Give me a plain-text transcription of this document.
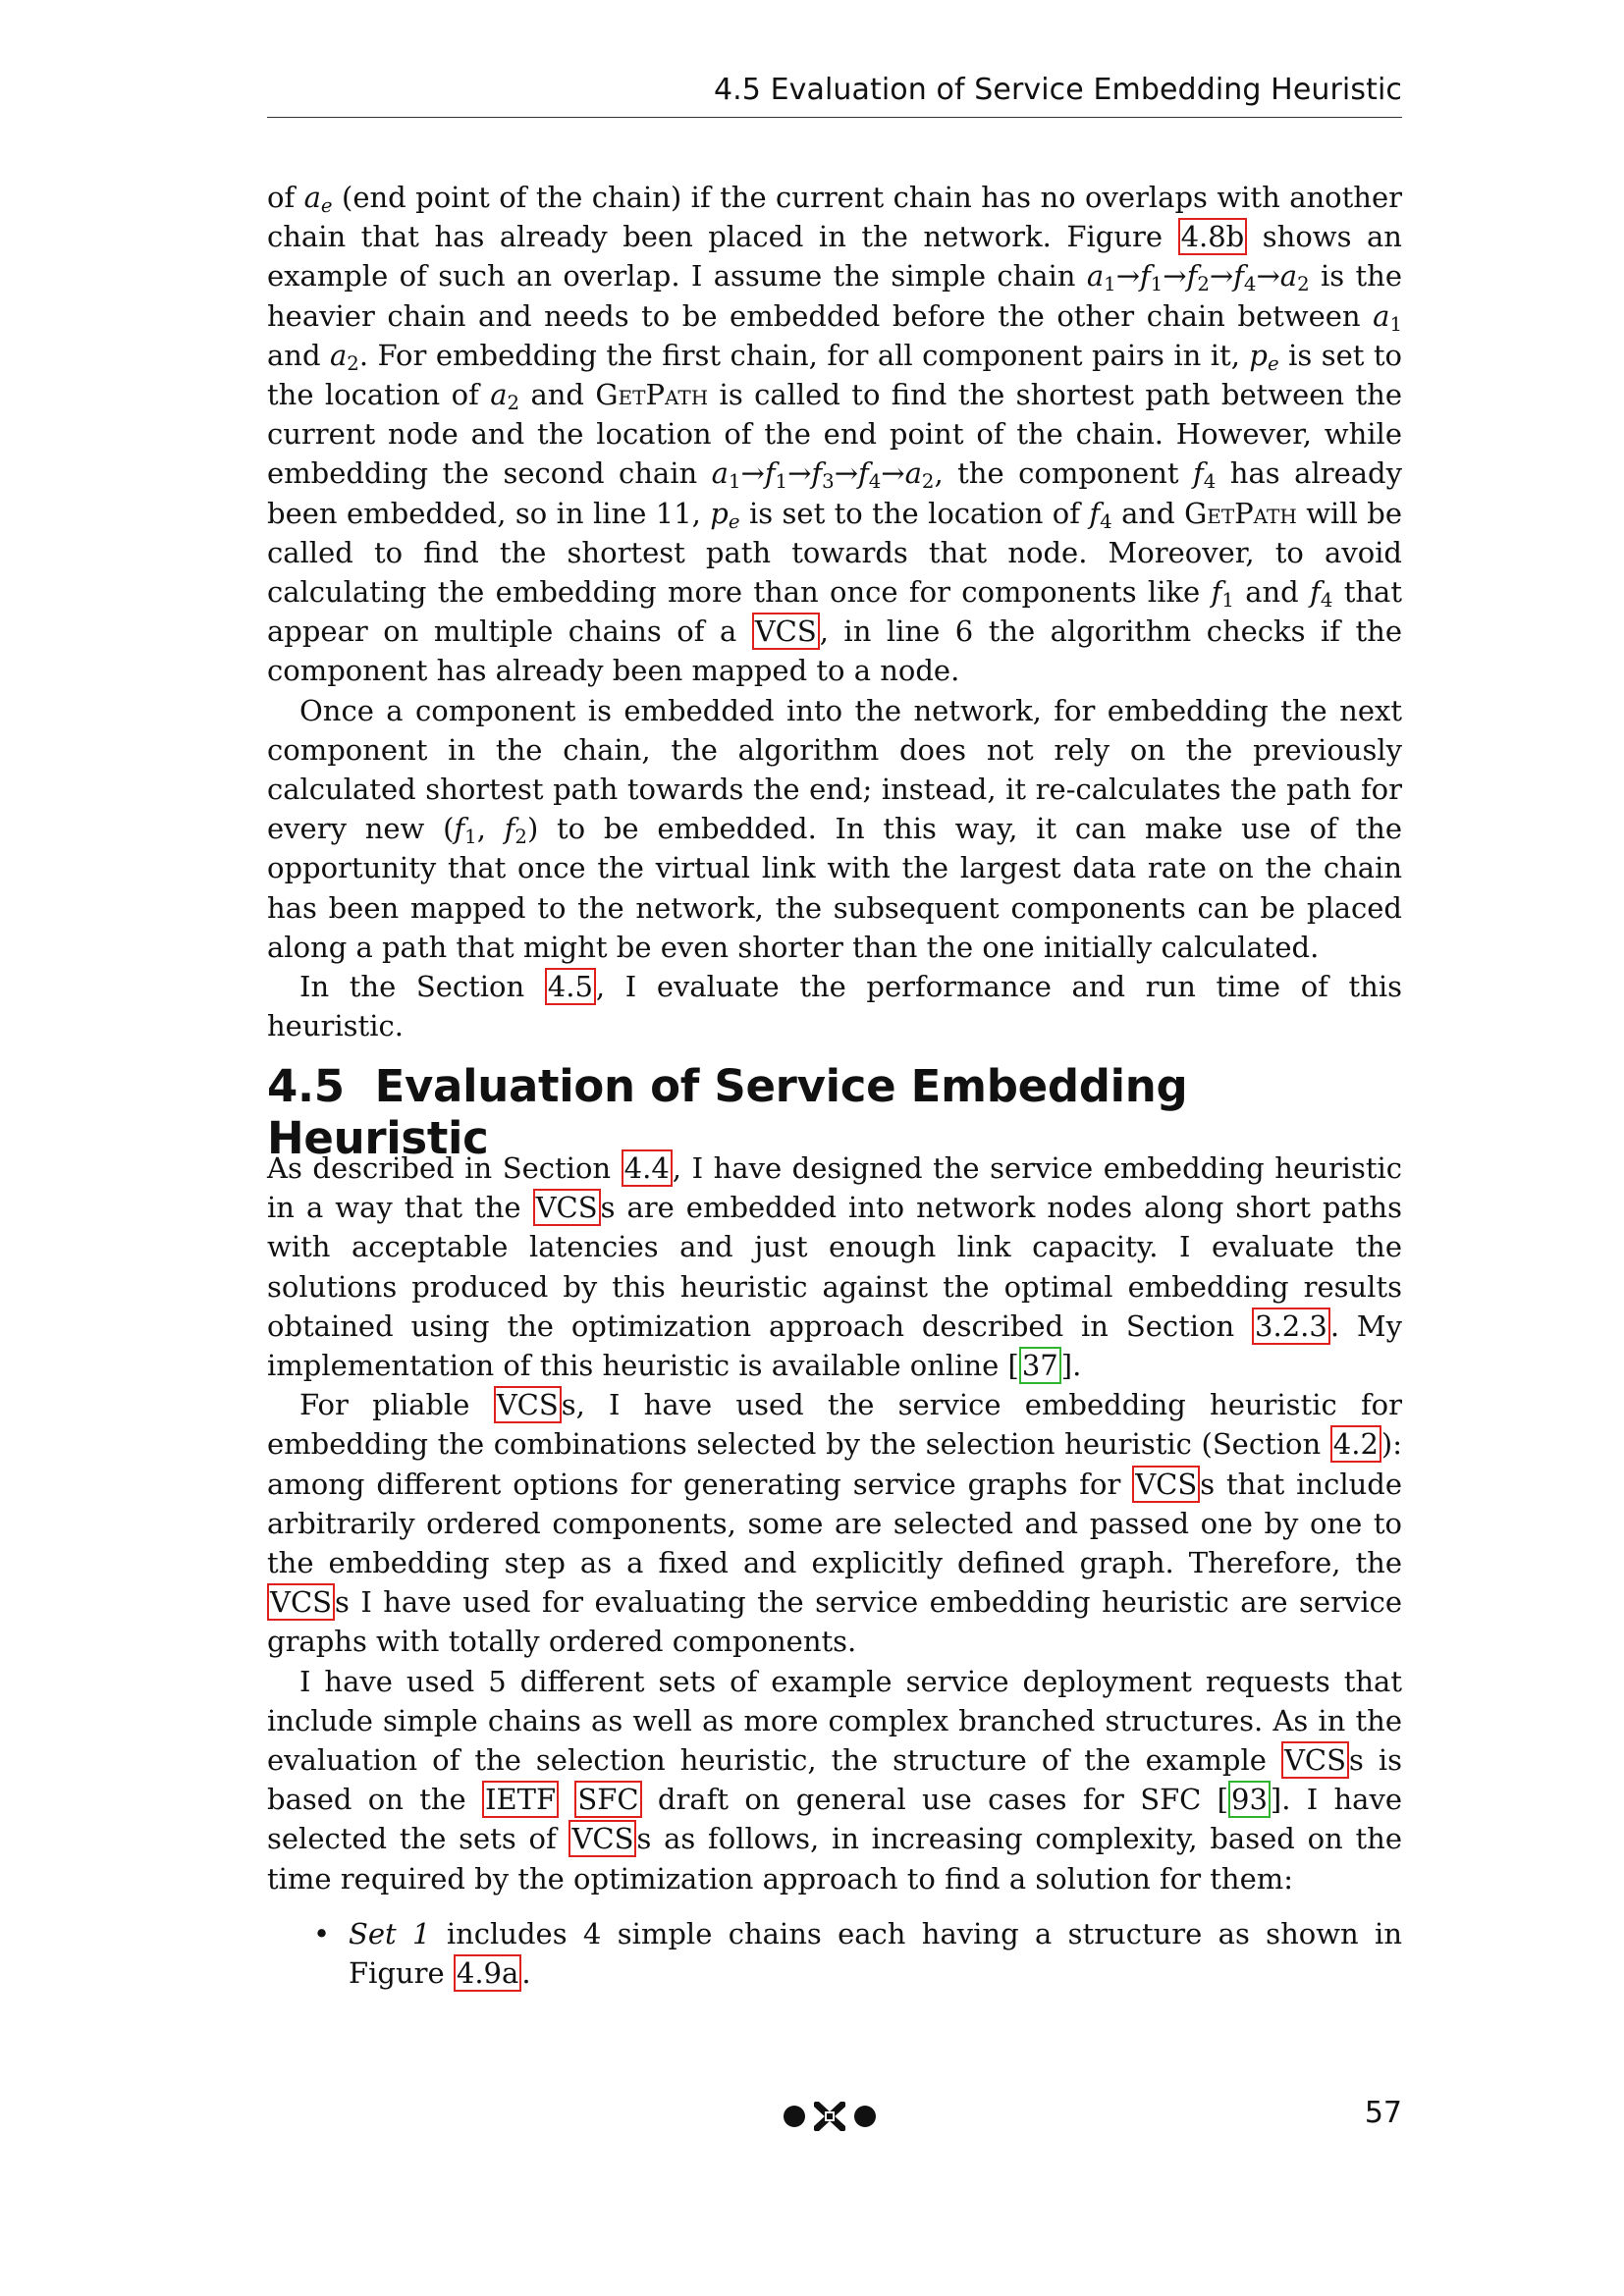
4.5 Evaluation of Service Embedding Heuristic

of $a_e$ (end point of the chain) if the current chain has no overlaps with another chain that has already been placed in the network. Figure 4.8b shows an example of such an overlap. I assume the simple chain $a_1\to f_1\to f_2\to f_4\to a_2$ is the heavier chain and needs to be embedded before the other chain between $a_1$ and $a_2$. For embedding the first chain, for all component pairs in it, $p_e$ is set to the location of $a_2$ and GetPath is called to find the shortest path between the current node and the location of the end point of the chain. However, while embedding the second chain $a_1\to f_1\to f_3\to f_4\to a_2$, the component $f_4$ has already been embedded, so in line 11, $p_e$ is set to the location of $f_4$ and GetPath will be called to find the shortest path towards that node. Moreover, to avoid calculating the embedding more than once for components like $f_1$ and $f_4$ that appear on multiple chains of a VCS , in line 6 the algorithm checks if the component has already been mapped to a node.

Once a component is embedded into the network, for embedding the next component in the chain, the algorithm does not rely on the previously calculated shortest path towards the end; instead, it re-calculates the path for every new ($f_1$, $f_2$) to be embedded. In this way, it can make use of the opportunity that once the virtual link with the largest data rate on the chain has been mapped to the network, the subsequent components can be placed along a path that might be even shorter than the one initially calculated.

In the Section 4.5 , I evaluate the performance and run time of this heuristic.

4.5 Evaluation of Service Embedding Heuristic

As described in Section 4.4 , I have designed the service embedding heuristic in a way that the VCS s are embedded into network nodes along short paths with acceptable latencies and just enough link capacity. I evaluate the solutions produced by this heuristic against the optimal embedding results obtained using the optimization approach described in Section 3.2.3 . My implementation of this heuristic is available online [ 37 ].

For pliable VCS s, I have used the service embedding heuristic for embedding the combinations selected by the selection heuristic (Section 4.2 ): among different options for generating service graphs for VCS s that include arbitrarily ordered components, some are selected and passed one by one to the embedding step as a fixed and explicitly defined graph. Therefore, the VCS s I have used for evaluating the service embedding heuristic are service graphs with totally ordered components.

I have used 5 different sets of example service deployment requests that include simple chains as well as more complex branched structures. As in the evaluation of the selection heuristic, the structure of the example VCS s is based on the IETF SFC draft on general use cases for SFC [ 93 ]. I have selected the sets of VCS s as follows, in increasing complexity, based on the time required by the optimization approach to find a solution for them:

• Set 1 includes 4 simple chains each having a structure as shown in Figure 4.9a .
57
